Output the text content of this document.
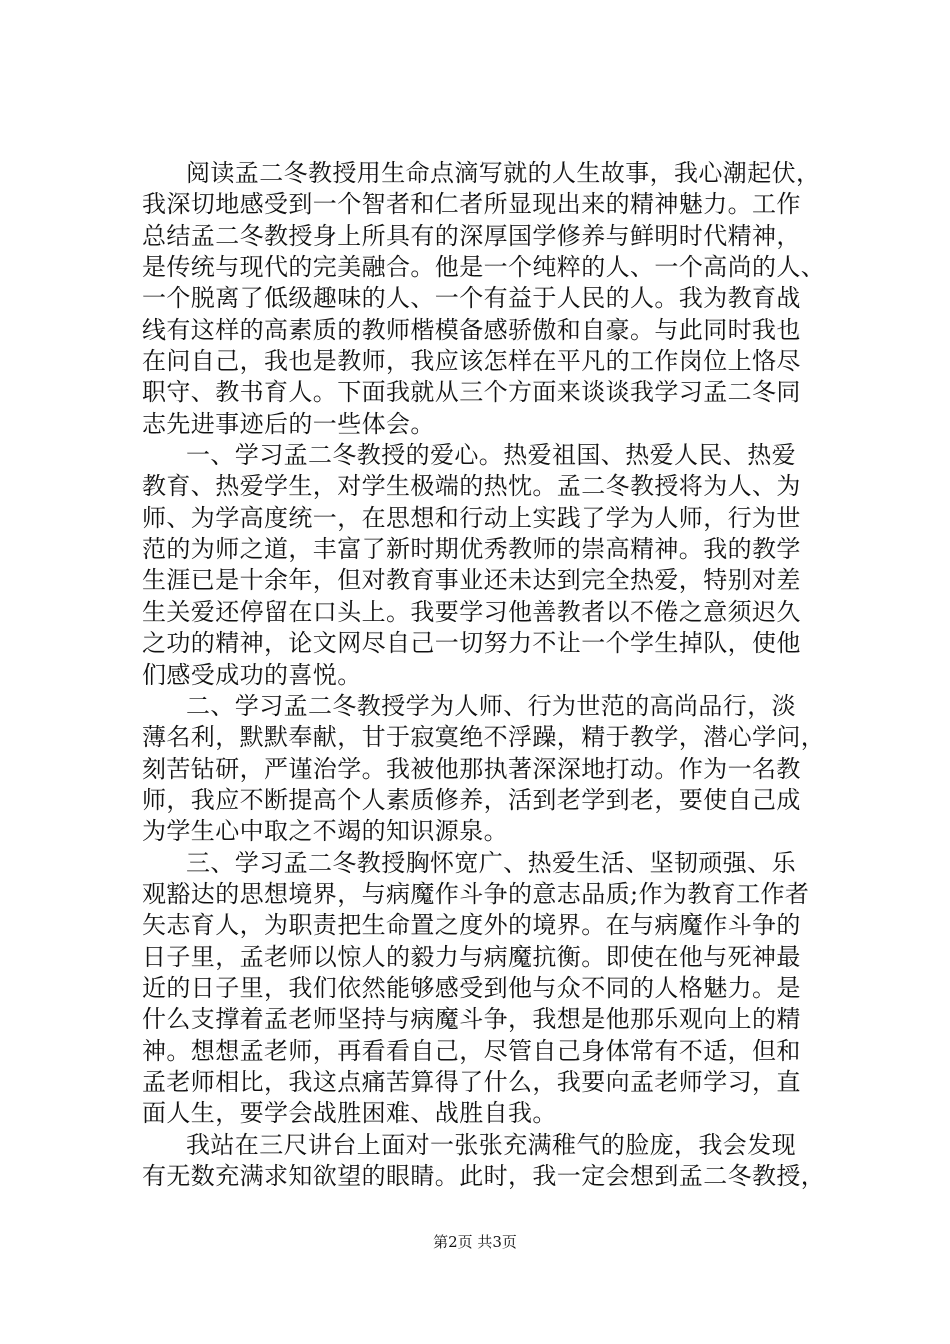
阅读孟二冬教授用生命点滴写就的人生故事，我心潮起伏，
我深切地感受到一个智者和仁者所显现出来的精神魅力。工作
总结孟二冬教授身上所具有的深厚国学修养与鲜明时代精神，
是传统与现代的完美融合。他是一个纯粹的人、一个高尚的人、
一个脱离了低级趣味的人、一个有益于人民的人。我为教育战
线有这样的高素质的教师楷模备感骄傲和自豪。与此同时我也
在问自己，我也是教师，我应该怎样在平凡的工作岗位上恪尽
职守、教书育人。下面我就从三个方面来谈谈我学习孟二冬同
志先进事迹后的一些体会。
一、学习孟二冬教授的爱心。热爱祖国、热爱人民、热爱
教育、热爱学生，对学生极端的热忱。孟二冬教授将为人、为
师、为学高度统一，在思想和行动上实践了学为人师，行为世
范的为师之道，丰富了新时期优秀教师的崇高精神。我的教学
生涯已是十余年，但对教育事业还未达到完全热爱，特别对差
生关爱还停留在口头上。我要学习他善教者以不倦之意须迟久
之功的精神，论文网尽自己一切努力不让一个学生掉队，使他
们感受成功的喜悦。
二、学习孟二冬教授学为人师、行为世范的高尚品行，淡
薄名利，默默奉献，甘于寂寞绝不浮躁，精于教学，潜心学问，
刻苦钻研，严谨治学。我被他那执著深深地打动。作为一名教
师，我应不断提高个人素质修养，活到老学到老，要使自己成
为学生心中取之不竭的知识源泉。
三、学习孟二冬教授胸怀宽广、热爱生活、坚韧顽强、乐
观豁达的思想境界，与病魔作斗争的意志品质;作为教育工作者
矢志育人，为职责把生命置之度外的境界。在与病魔作斗争的
日子里，孟老师以惊人的毅力与病魔抗衡。即使在他与死神最
近的日子里，我们依然能够感受到他与众不同的人格魅力。是
什么支撑着孟老师坚持与病魔斗争，我想是他那乐观向上的精
神。想想孟老师，再看看自己，尽管自己身体常有不适，但和
孟老师相比，我这点痛苦算得了什么，我要向孟老师学习，直
面人生，要学会战胜困难、战胜自我。
我站在三尺讲台上面对一张张充满稚气的脸庞，我会发现
有无数充满求知欲望的眼睛。此时，我一定会想到孟二冬教授，
第2页 共3页
